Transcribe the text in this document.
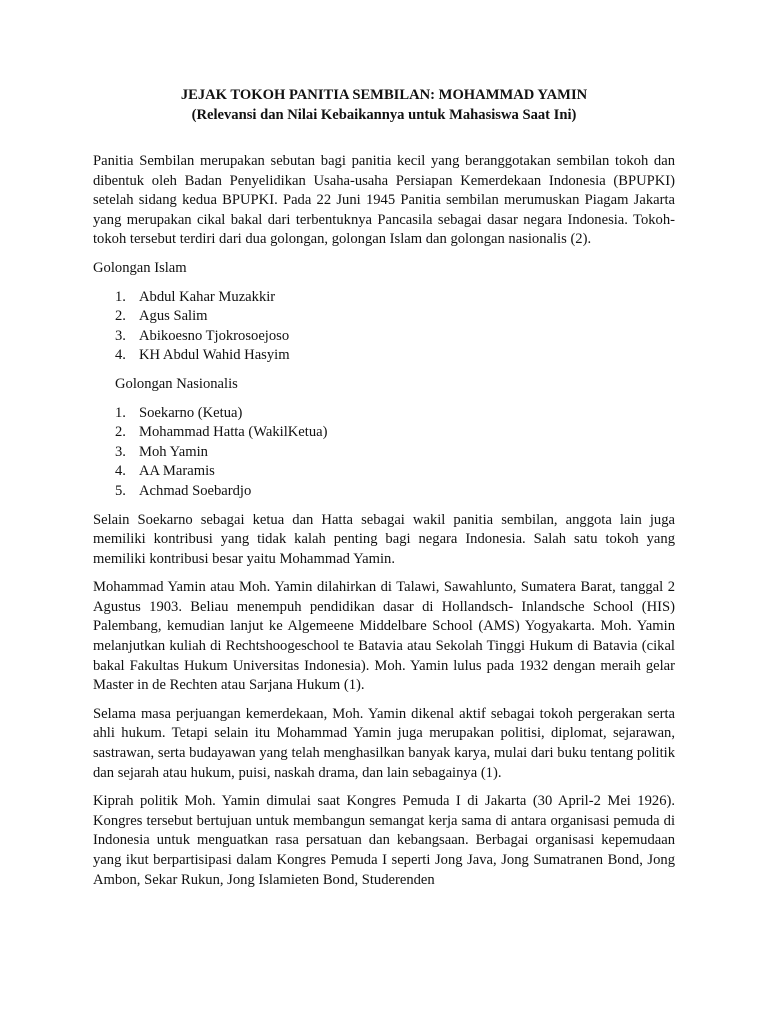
JEJAK TOKOH PANITIA SEMBILAN: MOHAMMAD YAMIN
(Relevansi dan Nilai Kebaikannya untuk Mahasiswa Saat Ini)

Panitia Sembilan merupakan sebutan bagi panitia kecil yang beranggotakan sembilan tokoh dan dibentuk oleh Badan Penyelidikan Usaha-usaha Persiapan Kemerdekaan Indonesia (BPUPKI) setelah sidang kedua BPUPKI. Pada 22 Juni 1945 Panitia sembilan merumuskan Piagam Jakarta yang merupakan cikal bakal dari terbentuknya Pancasila sebagai dasar negara Indonesia. Tokoh-tokoh tersebut terdiri dari dua golongan, golongan Islam dan golongan nasionalis (2).

Golongan Islam
1. Abdul Kahar Muzakkir
2. Agus Salim
3. Abikoesno Tjokrosoejoso
4. KH Abdul Wahid Hasyim
Golongan Nasionalis
1. Soekarno (Ketua)
2. Mohammad Hatta (WakilKetua)
3. Moh Yamin
4. AA Maramis
5. Achmad Soebardjo

Selain Soekarno sebagai ketua dan Hatta sebagai wakil panitia sembilan, anggota lain juga memiliki kontribusi yang tidak kalah penting bagi negara Indonesia. Salah satu tokoh yang memiliki kontribusi besar yaitu Mohammad Yamin.

Mohammad Yamin atau Moh. Yamin dilahirkan di Talawi, Sawahlunto, Sumatera Barat, tanggal 2 Agustus 1903. Beliau menempuh pendidikan dasar di Hollandsch- Inlandsche School (HIS) Palembang, kemudian lanjut ke Algemeene Middelbare School (AMS) Yogyakarta. Moh. Yamin melanjutkan kuliah di Rechtshoogeschool te Batavia atau Sekolah Tinggi Hukum di Batavia (cikal bakal Fakultas Hukum Universitas Indonesia). Moh. Yamin lulus pada 1932 dengan meraih gelar Master in de Rechten atau Sarjana Hukum (1).

Selama masa perjuangan kemerdekaan, Moh. Yamin dikenal aktif sebagai tokoh pergerakan serta ahli hukum. Tetapi selain itu Mohammad Yamin juga merupakan politisi, diplomat, sejarawan, sastrawan, serta budayawan yang telah menghasilkan banyak karya, mulai dari buku tentang politik dan sejarah atau hukum, puisi, naskah drama, dan lain sebagainya (1).

Kiprah politik Moh. Yamin dimulai saat Kongres Pemuda I di Jakarta (30 April-2 Mei 1926). Kongres tersebut bertujuan untuk membangun semangat kerja sama di antara organisasi pemuda di Indonesia untuk menguatkan rasa persatuan dan kebangsaan. Berbagai organisasi kepemudaan yang ikut berpartisipasi dalam Kongres Pemuda I seperti Jong Java, Jong Sumatranen Bond, Jong Ambon, Sekar Rukun, Jong Islamieten Bond, Studerenden
